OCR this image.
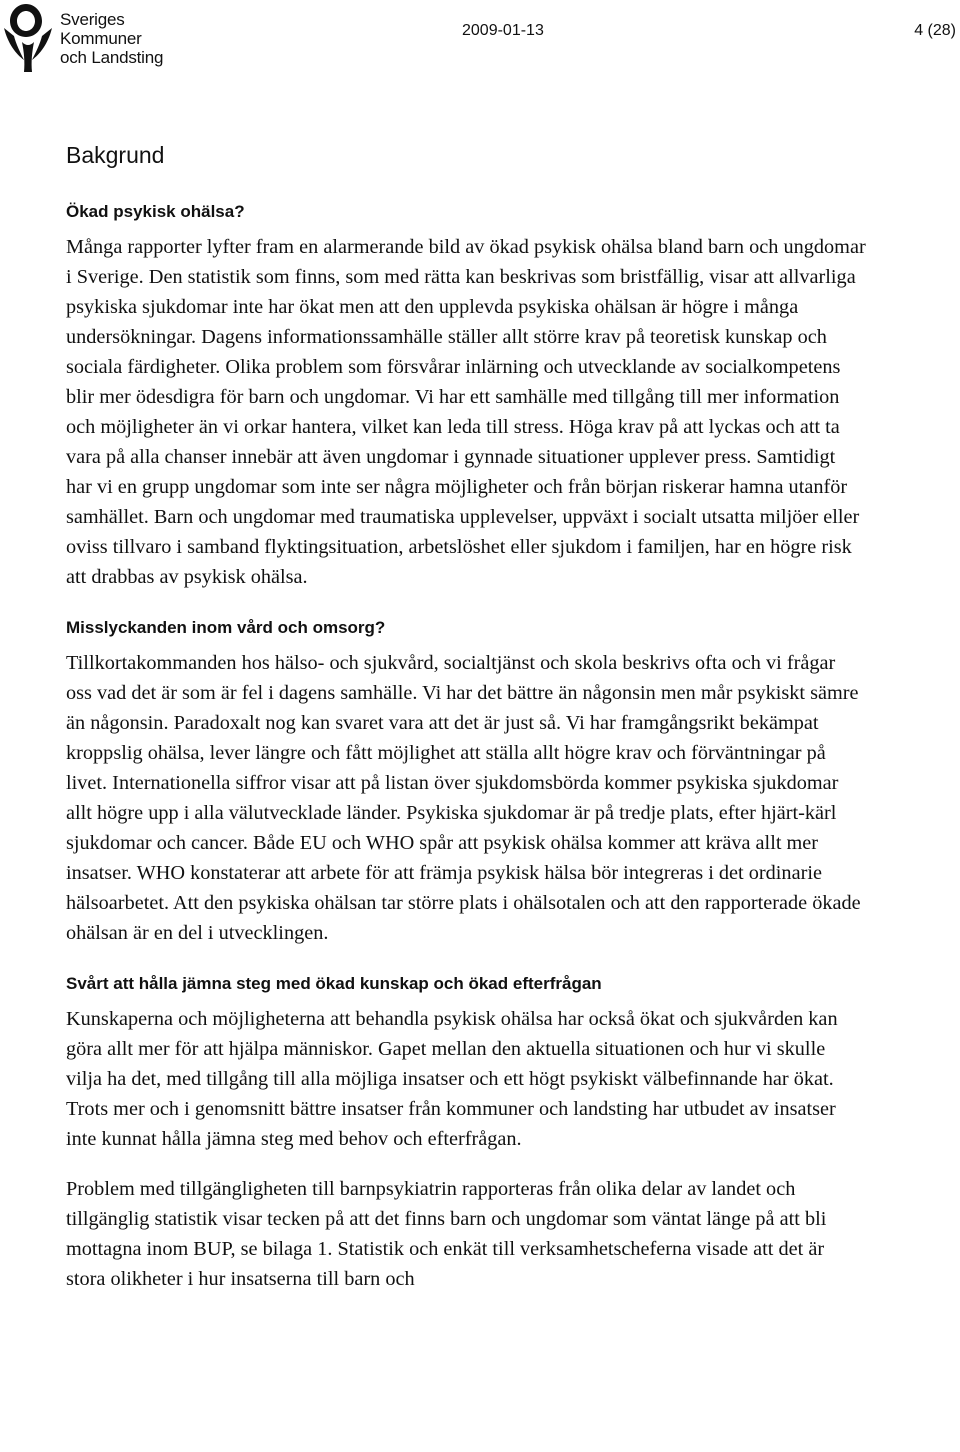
Sveriges
Kommuner
och Landsting
2009-01-13	4 (28)
Bakgrund
Ökad psykisk ohälsa?

Många rapporter lyfter fram en alarmerande bild av ökad psykisk ohälsa bland barn och ungdomar i Sverige. Den statistik som finns, som med rätta kan beskrivas som bristfällig, visar att allvarliga psykiska sjukdomar inte har ökat men att den upplevda psykiska ohälsan är högre i många undersökningar. Dagens informationssamhälle ställer allt större krav på teoretisk kunskap och sociala färdigheter. Olika problem som försvårar inlärning och utvecklande av socialkompetens blir mer ödesdigra för barn och ungdomar. Vi har ett samhälle med tillgång till mer information och möjligheter än vi orkar hantera, vilket kan leda till stress. Höga krav på att lyckas och att ta vara på alla chanser innebär att även ungdomar i gynnade situationer upplever press. Samtidigt har vi en grupp ungdomar som inte ser några möjligheter och från början riskerar hamna utanför samhället. Barn och ungdomar med traumatiska upplevelser, uppväxt i socialt utsatta miljöer eller oviss tillvaro i samband flyktingsituation, arbetslöshet eller sjukdom i familjen, har en högre risk att drabbas av psykisk ohälsa.

Misslyckanden inom vård och omsorg?

Tillkortakommanden hos hälso- och sjukvård, socialtjänst och skola beskrivs ofta och vi frågar oss vad det är som är fel i dagens samhälle. Vi har det bättre än någonsin men mår psykiskt sämre än någonsin. Paradoxalt nog kan svaret vara att det är just så. Vi har framgångsrikt bekämpat kroppslig ohälsa, lever längre och fått möjlighet att ställa allt högre krav och förväntningar på livet. Internationella siffror visar att på listan över sjukdomsbörda kommer psykiska sjukdomar allt högre upp i alla välutvecklade länder. Psykiska sjukdomar är på tredje plats, efter hjärt-kärl sjukdomar och cancer. Både EU och WHO spår att psykisk ohälsa kommer att kräva allt mer insatser. WHO konstaterar att arbete för att främja psykisk hälsa bör integreras i det ordinarie hälsoarbetet. Att den psykiska ohälsan tar större plats i ohälsotalen och att den rapporterade ökade ohälsan är en del i utvecklingen.

Svårt att hålla jämna steg med ökad kunskap och ökad efterfrågan

Kunskaperna och möjligheterna att behandla psykisk ohälsa har också ökat och sjukvården kan göra allt mer för att hjälpa människor. Gapet mellan den aktuella situationen och hur vi skulle vilja ha det, med tillgång till alla möjliga insatser och ett högt psykiskt välbefinnande har ökat. Trots mer och i genomsnitt bättre insatser från kommuner och landsting har utbudet av insatser inte kunnat hålla jämna steg med behov och efterfrågan.

Problem med tillgängligheten till barnpsykiatrin rapporteras från olika delar av landet och tillgänglig statistik visar tecken på att det finns barn och ungdomar som väntat länge på att bli mottagna inom BUP, se bilaga 1. Statistik och enkät till verksamhetscheferna visade att det är stora olikheter i hur insatserna till barn och
